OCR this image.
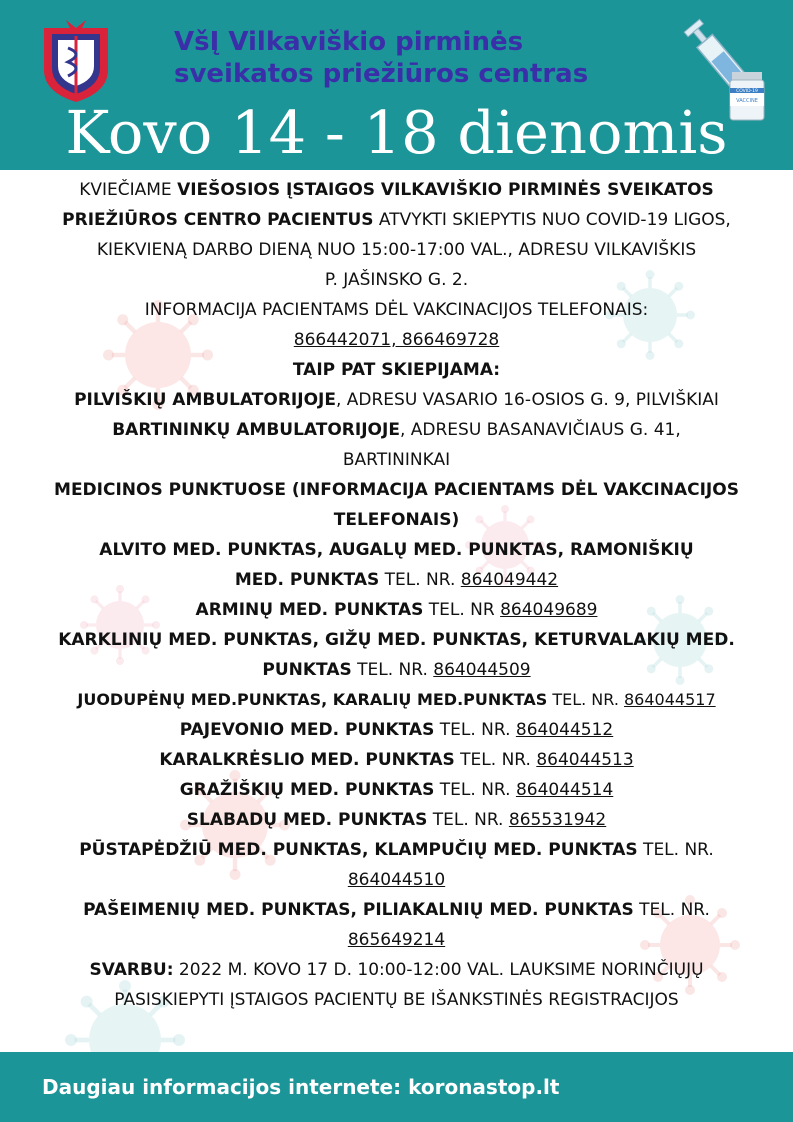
VšĮ Vilkaviškio pirminės
sveikatos priežiūros centras
COVID-19
VACCINE
Kovo 14 - 18 dienomis
KVIEČIAME VIEŠOSIOS ĮSTAIGOS VILKAVIŠKIO PIRMINĖS SVEIKATOS
PRIEŽIŪROS CENTRO PACIENTUS ATVYKTI SKIEPYTIS NUO COVID-19 LIGOS,
KIEKVIENĄ DARBO DIENĄ NUO 15:00-17:00 VAL., ADRESU VILKAVIŠKIS
P. JAŠINSKO G. 2.
INFORMACIJA PACIENTAMS DĖL VAKCINACIJOS TELEFONAIS:
866442071, 866469728
TAIP PAT SKIEPIJAMA:
PILVIŠKIŲ AMBULATORIJOJE, ADRESU VASARIO 16-OSIOS G. 9, PILVIŠKIAI
BARTININKŲ AMBULATORIJOJE, ADRESU BASANAVIČIAUS G. 41,
BARTININKAI
MEDICINOS PUNKTUOSE (INFORMACIJA PACIENTAMS DĖL VAKCINACIJOS
TELEFONAIS)
ALVITO MED. PUNKTAS, AUGALŲ MED. PUNKTAS, RAMONIŠKIŲ
MED. PUNKTAS TEL. NR. 864049442
ARMINŲ MED. PUNKTAS TEL. NR 864049689
KARKLINIŲ MED. PUNKTAS, GIŽŲ MED. PUNKTAS, KETURVALAKIŲ MED.
PUNKTAS TEL. NR. 864044509
JUODUPĖNŲ MED.PUNKTAS, KARALIŲ MED.PUNKTAS TEL. NR. 864044517
PAJEVONIO MED. PUNKTAS TEL. NR. 864044512
KARALKRĖSLIO MED. PUNKTAS TEL. NR. 864044513
GRAŽIŠKIŲ MED. PUNKTAS TEL. NR. 864044514
SLABADŲ MED. PUNKTAS TEL. NR. 865531942
PŪSTAPĖDŽIŪ MED. PUNKTAS, KLAMPUČIŲ MED. PUNKTAS TEL. NR.
864044510
PAŠEIMENIŲ MED. PUNKTAS, PILIAKALNIŲ MED. PUNKTAS TEL. NR.
865649214
SVARBU: 2022 M. KOVO 17 D. 10:00-12:00 VAL. LAUKSIME NORINČIŲJŲ
PASISKIEPYTI ĮSTAIGOS PACIENTŲ BE IŠANKSTINĖS REGISTRACIJOS
Daugiau informacijos internete: koronastop.lt
